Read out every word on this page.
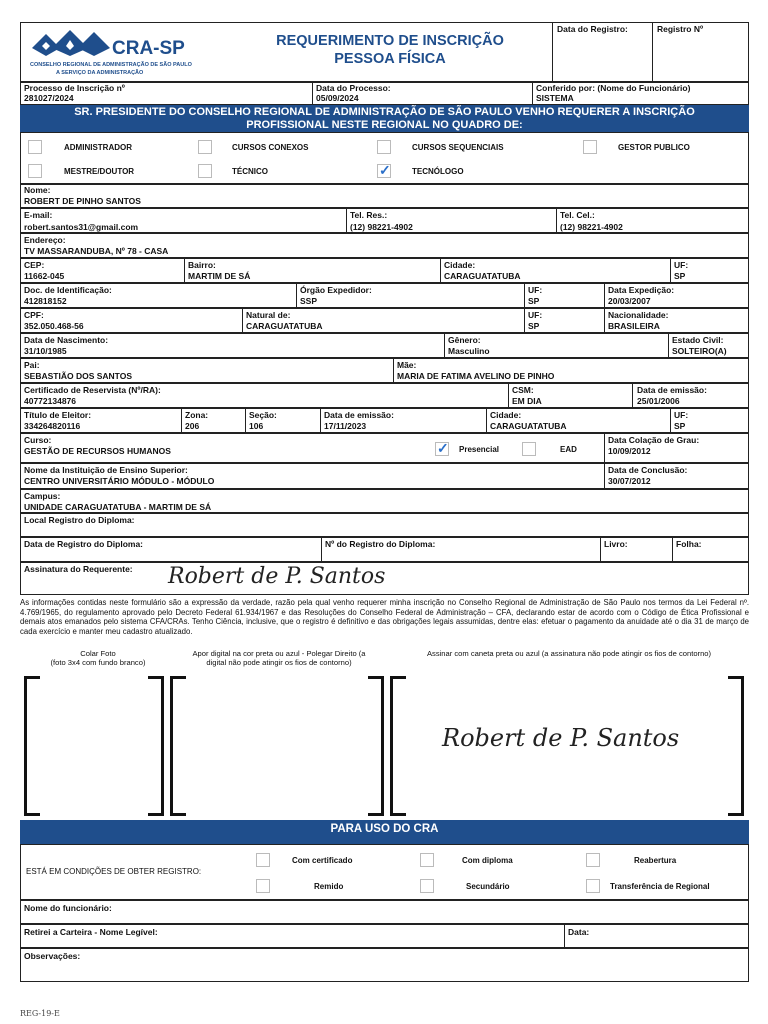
CRA-SP
CONSELHO REGIONAL DE ADMINISTRAÇÃO DE SÃO PAULO
A SERVIÇO DA ADMINISTRAÇÃO
REQUERIMENTO DE INSCRIÇÃO
PESSOA FÍSICA
Data do Registro:	Registro Nº
Processo de Inscrição nº
281027/2024
Data do Processo:
05/09/2024
Conferido por: (Nome do Funcionário)
SISTEMA
SR. PRESIDENTE DO CONSELHO REGIONAL DE ADMINISTRAÇÃO DE SÃO PAULO VENHO REQUERER A INSCRIÇÃO
PROFISSIONAL NESTE REGIONAL NO QUADRO DE:
ADMINISTRADOR	CURSOS CONEXOS	CURSOS SEQUENCIAIS	GESTOR PUBLICO
MESTRE/DOUTOR	TÉCNICO	✓	TECNÓLOGO
Nome:
ROBERT DE PINHO SANTOS
E-mail:
robert.santos31@gmail.com
Tel. Res.:
(12) 98221-4902
Tel. Cel.:
(12) 98221-4902
Endereço:
TV MASSARANDUBA, Nº 78 - CASA
CEP:
11662-045
Bairro:
MARTIM DE SÁ
Cidade:
CARAGUATATUBA
UF:
SP
Doc. de Identificação:
412818152
Órgão Expedidor:
SSP
UF:
SP
Data Expedição:
20/03/2007
CPF:
352.050.468-56
Natural de:
CARAGUATATUBA
UF:
SP
Nacionalidade:
BRASILEIRA
Data de Nascimento:
31/10/1985
Gênero:
Masculino
Estado Civil:
SOLTEIRO(A)
Pai:
SEBASTIÃO DOS SANTOS
Mãe:
MARIA DE FATIMA AVELINO DE PINHO
Certificado de Reservista (Nº/RA):
40772134876
CSM:
EM DIA
Data de emissão:
25/01/2006
Título de Eleitor:
334264820116
Zona:
206
Seção:
106
Data de emissão:
17/11/2023
Cidade:
CARAGUATATUBA
UF:
SP
Curso:
GESTÃO DE RECURSOS HUMANOS	✓ Presencial	EAD
Data Colação de Grau:
10/09/2012
Nome da Instituição de Ensino Superior:
CENTRO UNIVERSITÁRIO MÓDULO - MÓDULO
Data de Conclusão:
30/07/2012
Campus:
UNIDADE CARAGUATATUBA - MARTIM DE SÁ
Local Registro do Diploma:
Data de Registro do Diploma:	Nº do Registro do Diploma:	Livro:	Folha:
Assinatura do Requerente: Robert de P. Santos
As informações contidas neste formulário são a expressão da verdade, razão pela qual venho requerer minha inscrição no Conselho Regional de Administração de São Paulo nos termos da Lei Federal nº. 4.769/1965, do regulamento aprovado pelo Decreto Federal 61.934/1967 e das Resoluções do Conselho Federal de Administração – CFA, declarando estar de acordo com o Código de Ética Profissional e demais atos emanados pelo sistema CFA/CRAs. Tenho Ciência, inclusive, que o registro é definitivo e das obrigações legais assumidas, dentre elas: efetuar o pagamento da anuidade até o dia 31 de março de cada exercício e manter meu cadastro atualizado.
Colar Foto
(foto 3x4 com fundo branco)
Apor digital na cor preta ou azul - Polegar Direito (a
digital não pode atingir os fios de contorno)
Assinar com caneta preta ou azul (a assinatura não pode atingir os fios de contorno)
Robert de P. Santos
PARA USO DO CRA
ESTÁ EM CONDIÇÕES DE OBTER REGISTRO:
Com certificado	Com diploma	Reabertura
Remido	Secundário	Transferência de Regional
Nome do funcionário:
Retirei a Carteira - Nome Legível:	Data:
Observações:
REG-19-E
